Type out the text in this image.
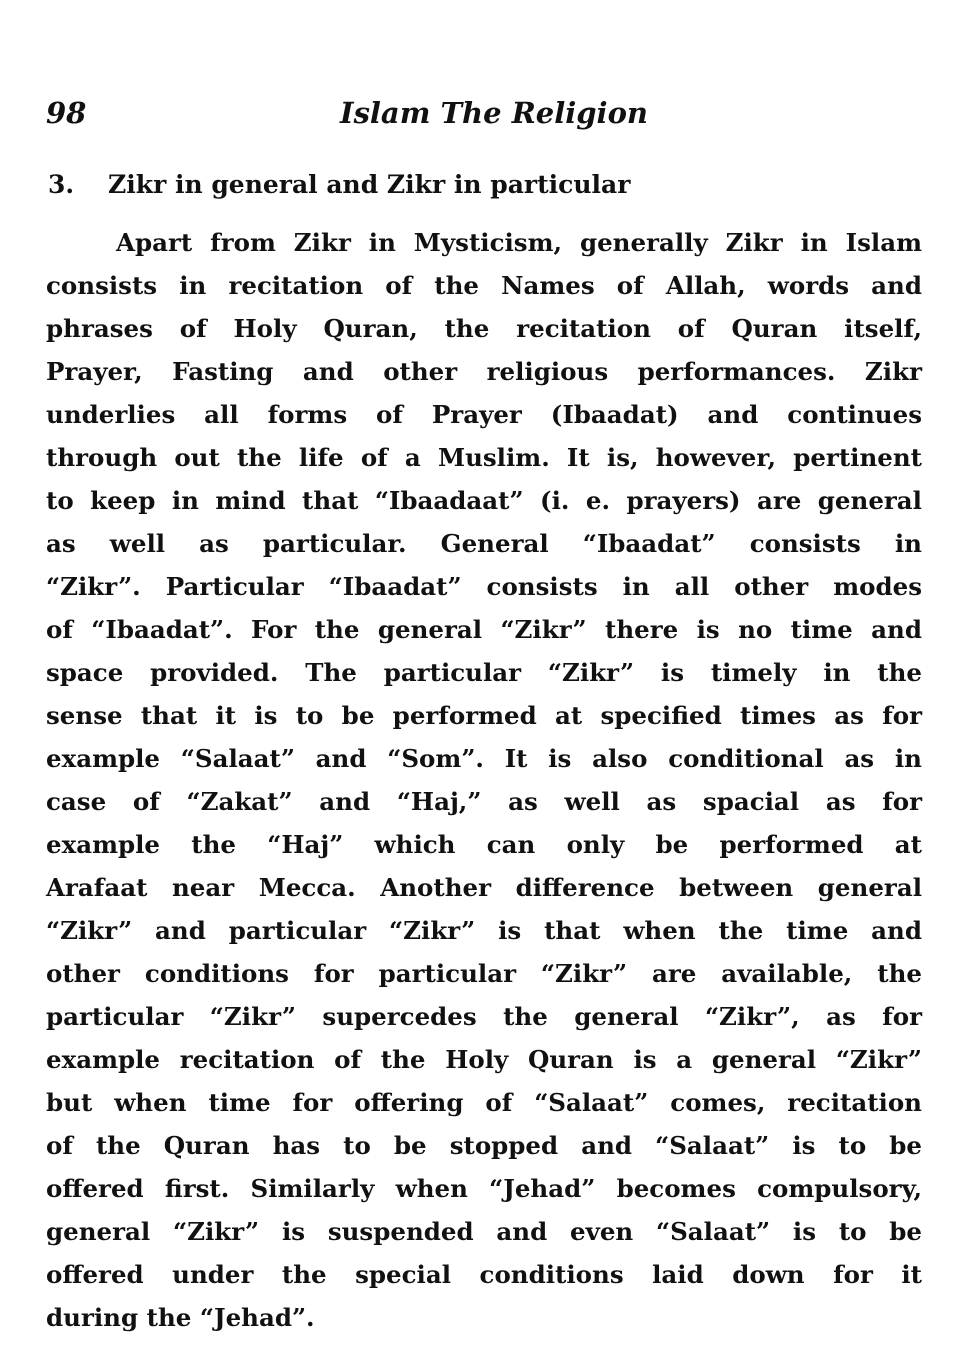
98	Islam The Religion
3. Zikr in general and Zikr in particular
Apart from Zikr in Mysticism, generally Zikr in Islam
consists in recitation of the Names of Allah, words and
phrases of Holy Quran, the recitation of Quran itself,
Prayer, Fasting and other religious performances. Zikr
underlies all forms of Prayer (Ibaadat) and continues
through out the life of a Muslim. It is, however, pertinent
to keep in mind that “Ibaadaat” (i. e. prayers) are general
as well as particular. General “Ibaadat” consists in
“Zikr”. Particular “Ibaadat” consists in all other modes
of “Ibaadat”. For the general “Zikr” there is no time and
space provided. The particular “Zikr” is timely in the
sense that it is to be performed at specified times as for
example “Salaat” and “Som”. It is also conditional as in
case of “Zakat” and “Haj,” as well as spacial as for
example the “Haj” which can only be performed at
Arafaat near Mecca. Another difference between general
“Zikr” and particular “Zikr” is that when the time and
other conditions for particular “Zikr” are available, the
particular “Zikr” supercedes the general “Zikr”, as for
example recitation of the Holy Quran is a general “Zikr”
but when time for offering of “Salaat” comes, recitation
of the Quran has to be stopped and “Salaat” is to be
offered first. Similarly when “Jehad” becomes compulsory,
general “Zikr” is suspended and even “Salaat” is to be
offered under the special conditions laid down for it
during the “Jehad”.
